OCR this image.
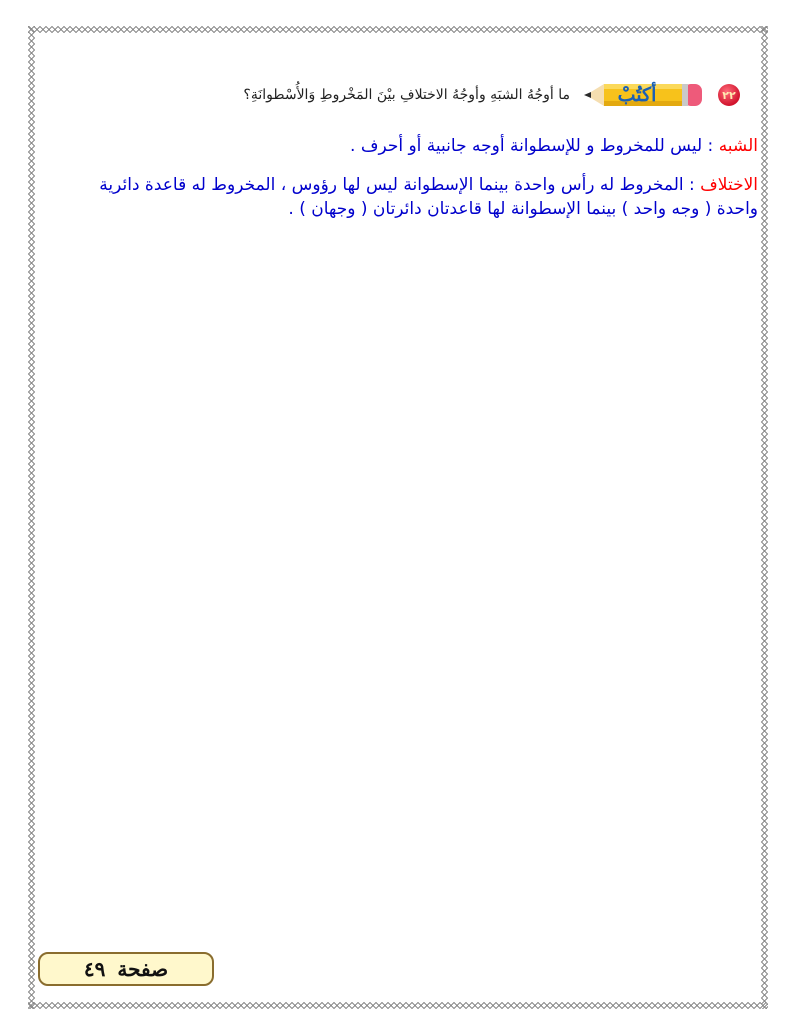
٢٢
أكتُبْ
ما أوجُهُ الشبَهِ وأوجُهُ الاختلافِ بيْنَ المَخْروطِ وَالأُسْطوانَةِ؟
الشبه : ليس للمخروط و للإسطوانة أوجه جانبية أو أحرف .
الاختلاف : المخروط له رأس واحدة بينما الإسطوانة ليس لها رؤوس ، المخروط له قاعدة دائرية واحدة ( وجه واحد ) بينما الإسطوانة لها قاعدتان دائرتان ( وجهان ) .
صفحة
٤٩
